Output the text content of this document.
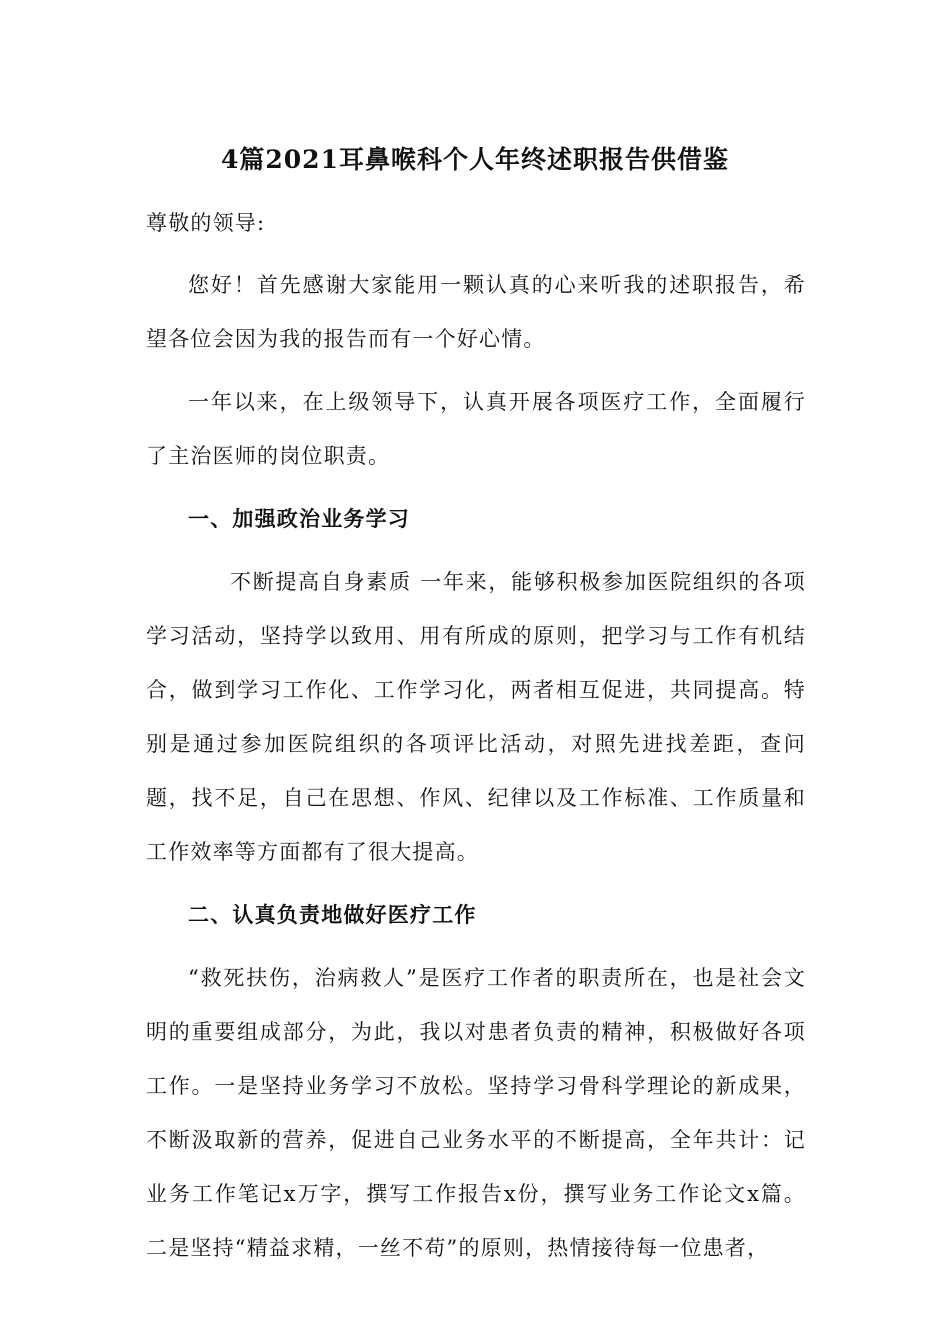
4篇2021耳鼻喉科个人年终述职报告供借鉴

尊敬的领导:

您好！首先感谢大家能用一颗认真的心来听我的述职报告，希望各位会因为我的报告而有一个好心情。

一年以来，在上级领导下，认真开展各项医疗工作，全面履行了主治医师的岗位职责。

一、加强政治业务学习

不断提高自身素质 一年来，能够积极参加医院组织的各项学习活动，坚持学以致用、用有所成的原则，把学习与工作有机结合，做到学习工作化、工作学习化，两者相互促进，共同提高。特别是通过参加医院组织的各项评比活动，对照先进找差距，查问题，找不足，自己在思想、作风、纪律以及工作标准、工作质量和工作效率等方面都有了很大提高。

二、认真负责地做好医疗工作

“救死扶伤，治病救人”是医疗工作者的职责所在，也是社会文明的重要组成部分，为此，我以对患者负责的精神，积极做好各项工作。一是坚持业务学习不放松。坚持学习骨科学理论的新成果，不断汲取新的营养，促进自己业务水平的不断提高，全年共计：记业务工作笔记x万字，撰写工作报告x份，撰写业务工作论文x篇。二是坚持“精益求精，一丝不苟”的原则，热情接待每一位患者，
